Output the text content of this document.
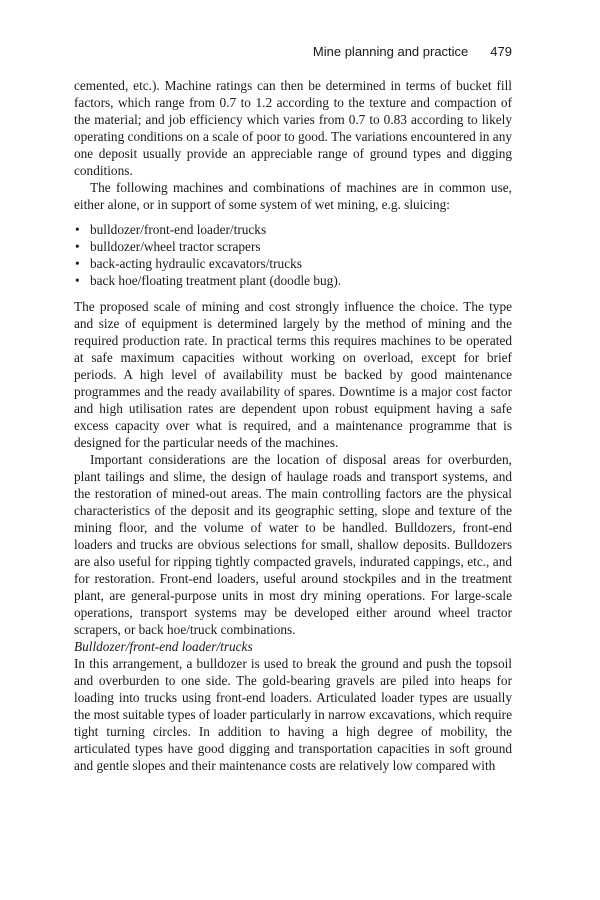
Mine planning and practice 479

cemented, etc.). Machine ratings can then be determined in terms of bucket fill factors, which range from 0.7 to 1.2 according to the texture and compaction of the material; and job efficiency which varies from 0.7 to 0.83 according to likely operating conditions on a scale of poor to good. The variations encountered in any one deposit usually provide an appreciable range of ground types and digging conditions.

The following machines and combinations of machines are in common use, either alone, or in support of some system of wet mining, e.g. sluicing:

• bulldozer/front-end loader/trucks
• bulldozer/wheel tractor scrapers
• back-acting hydraulic excavators/trucks
• back hoe/floating treatment plant (doodle bug).

The proposed scale of mining and cost strongly influence the choice. The type and size of equipment is determined largely by the method of mining and the required production rate. In practical terms this requires machines to be operated at safe maximum capacities without working on overload, except for brief periods. A high level of availability must be backed by good maintenance programmes and the ready availability of spares. Downtime is a major cost factor and high utilisation rates are dependent upon robust equipment having a safe excess capacity over what is required, and a maintenance programme that is designed for the particular needs of the machines.

Important considerations are the location of disposal areas for overburden, plant tailings and slime, the design of haulage roads and transport systems, and the restoration of mined-out areas. The main controlling factors are the physical characteristics of the deposit and its geographic setting, slope and texture of the mining floor, and the volume of water to be handled. Bulldozers, front-end loaders and trucks are obvious selections for small, shallow deposits. Bulldozers are also useful for ripping tightly compacted gravels, indurated cappings, etc., and for restoration. Front-end loaders, useful around stockpiles and in the treatment plant, are general-purpose units in most dry mining operations. For large-scale operations, transport systems may be developed either around wheel tractor scrapers, or back hoe/truck combinations.

Bulldozer/front-end loader/trucks

In this arrangement, a bulldozer is used to break the ground and push the topsoil and overburden to one side. The gold-bearing gravels are piled into heaps for loading into trucks using front-end loaders. Articulated loader types are usually the most suitable types of loader particularly in narrow excavations, which require tight turning circles. In addition to having a high degree of mobility, the articulated types have good digging and transportation capacities in soft ground and gentle slopes and their maintenance costs are relatively low compared with
